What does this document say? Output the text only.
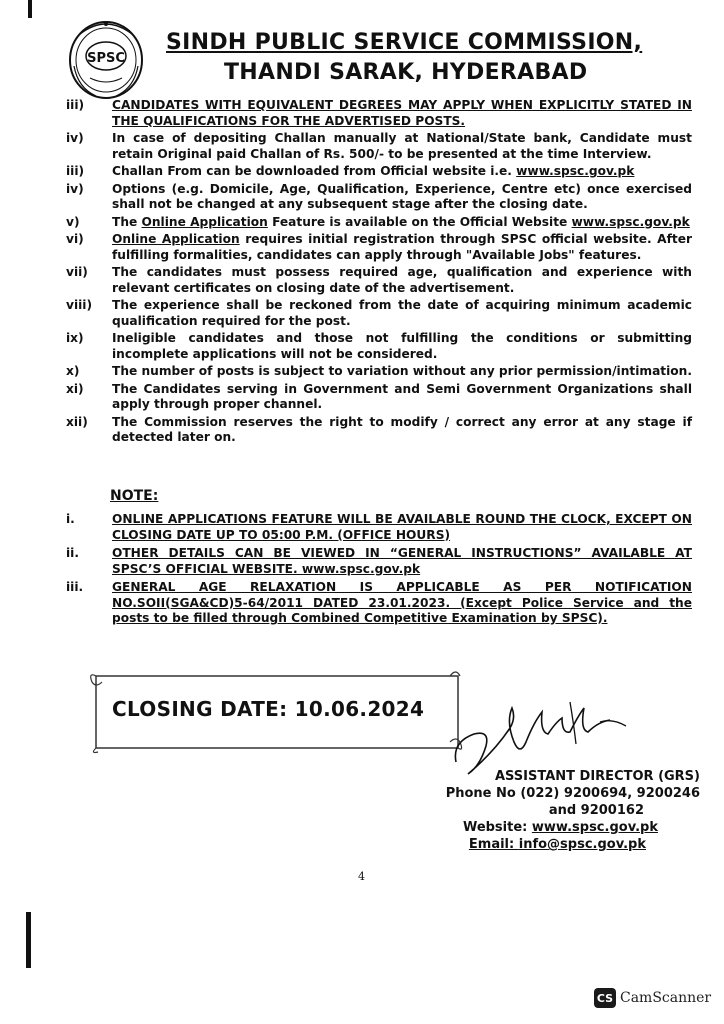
SPSC
SINDH PUBLIC SERVICE COMMISSION,
THANDI SARAK, HYDERABAD
iii)	CANDIDATES WITH EQUIVALENT DEGREES MAY APPLY WHEN EXPLICITLY STATED IN THE QUALIFICATIONS FOR THE ADVERTISED POSTS.
iv)	In case of depositing Challan manually at National/State bank, Candidate must retain Original paid Challan of Rs. 500/- to be presented at the time Interview.
iii)	Challan From can be downloaded from Official website i.e. www.spsc.gov.pk
iv)	Options (e.g. Domicile, Age, Qualification, Experience, Centre etc) once exercised shall not be changed at any subsequent stage after the closing date.
v)	The Online Application Feature is available on the Official Website www.spsc.gov.pk
vi)	Online Application requires initial registration through SPSC official website. After fulfilling formalities, candidates can apply through "Available Jobs" features.
vii)	The candidates must possess required age, qualification and experience with relevant certificates on closing date of the advertisement.
viii)	The experience shall be reckoned from the date of acquiring minimum academic qualification required for the post.
ix)	Ineligible candidates and those not fulfilling the conditions or submitting incomplete applications will not be considered.
x)	The number of posts is subject to variation without any prior permission/intimation.
xi)	The Candidates serving in Government and Semi Government Organizations shall apply through proper channel.
xii)	The Commission reserves the right to modify / correct any error at any stage if detected later on.
NOTE:
i.	ONLINE APPLICATIONS FEATURE WILL BE AVAILABLE ROUND THE CLOCK, EXCEPT ON CLOSING DATE UP TO 05:00 P.M. (OFFICE HOURS)
ii.	OTHER DETAILS CAN BE VIEWED IN “GENERAL INSTRUCTIONS” AVAILABLE AT SPSC’S OFFICIAL WEBSITE. www.spsc.gov.pk
iii.	GENERAL AGE RELAXATION IS APPLICABLE AS PER NOTIFICATION NO.SOII(SGA&CD)5-64/2011 DATED 23.01.2023. (Except Police Service and the posts to be filled through Combined Competitive Examination by SPSC).
CLOSING DATE: 10.06.2024
ASSISTANT DIRECTOR (GRS)
Phone No (022) 9200694, 9200246
and 9200162
Website: www.spsc.gov.pk
Email: info@spsc.gov.pk
4
CS CamScanner
